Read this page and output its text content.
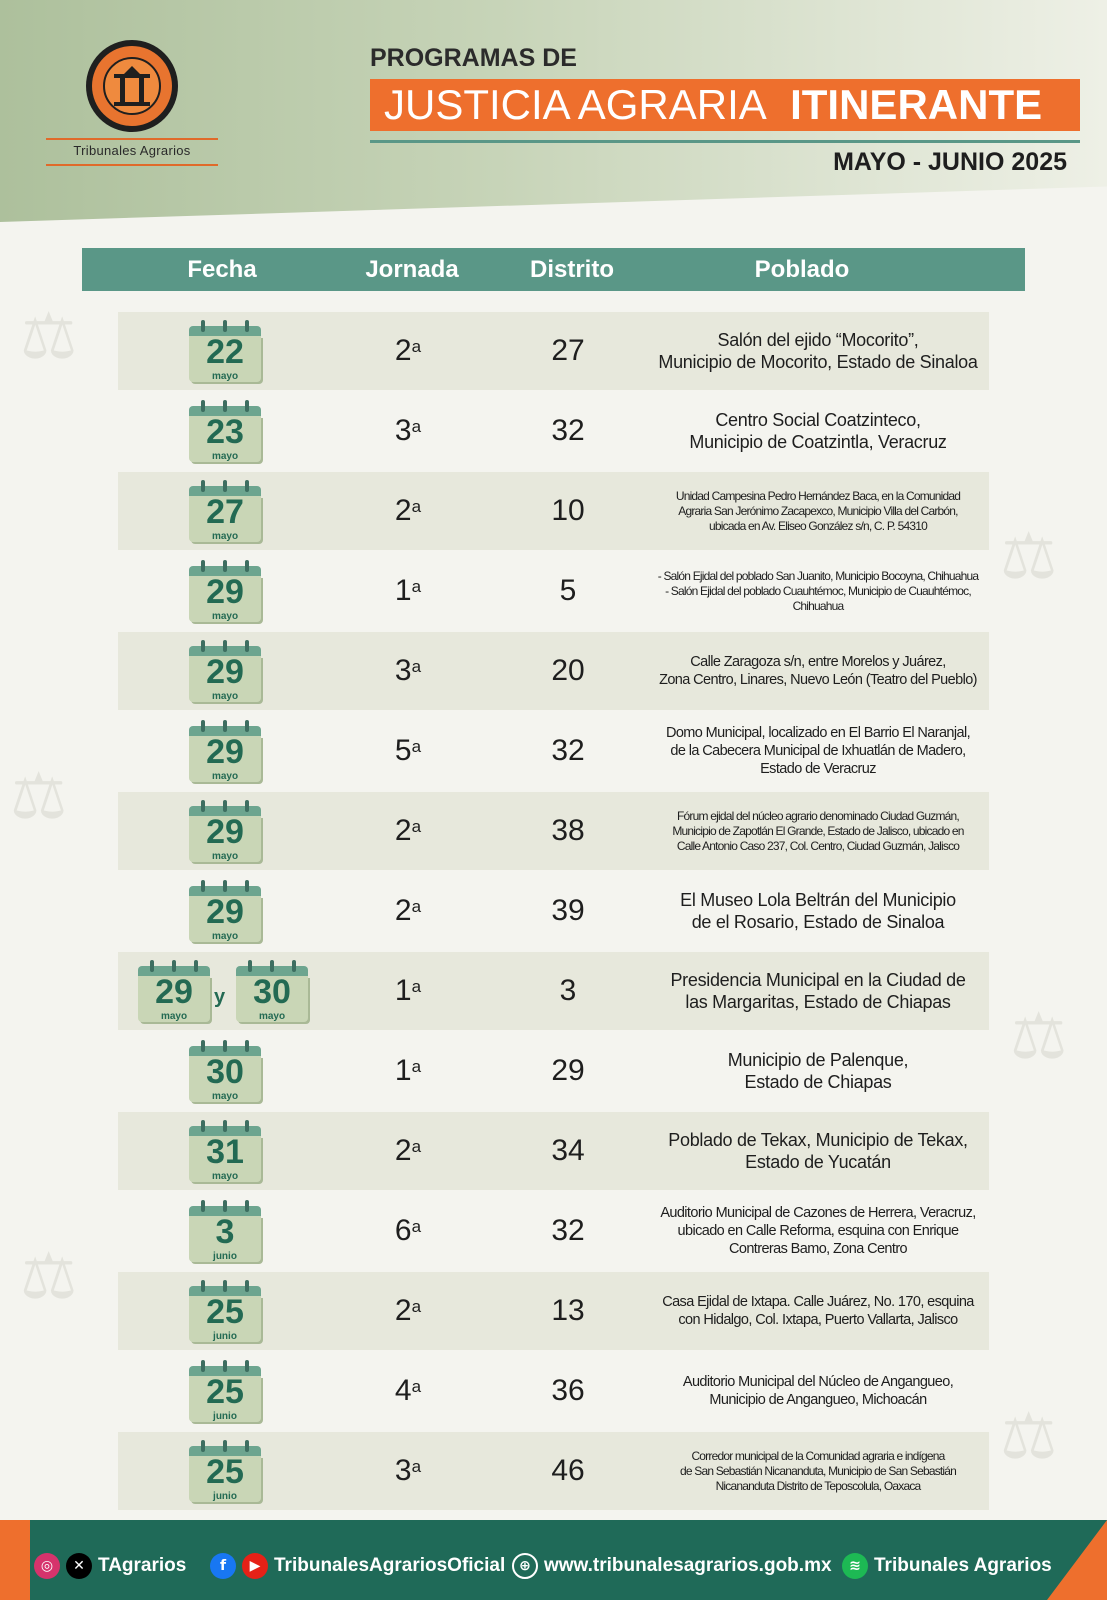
⚖
⚖
⚖
⚖
⚖
⚖
Tribunales Agrarios
PROGRAMAS DE
JUSTICIA AGRARIA ITINERANTE
MAYO - JUNIO 2025
Fecha	Jornada	Distrito	Poblado
22
mayo
2$^a$	27	Salón del ejido “Mocorito”,
Municipio de Mocorito, Estado de Sinaloa
23
mayo
3$^a$	32	Centro Social Coatzinteco,
Municipio de Coatzintla, Veracruz
27
mayo
2$^a$	10	Unidad Campesina Pedro Hernández Baca, en la Comunidad
Agraria San Jerónimo Zacapexco, Municipio Villa del Carbón,
ubicada en Av. Eliseo González s/n, C. P. 54310
29
mayo
1$^a$	5	- Salón Ejidal del poblado San Juanito, Municipio Bocoyna, Chihuahua
- Salón Ejidal del poblado Cuauhtémoc, Municipio de Cuauhtémoc, Chihuahua
29
mayo
3$^a$	20	Calle Zaragoza s/n, entre Morelos y Juárez,
Zona Centro, Linares, Nuevo León (Teatro del Pueblo)
29
mayo
5$^a$	32
Domo Municipal, localizado en El Barrio El Naranjal,
de la Cabecera Municipal de Ixhuatlán de Madero,
Estado de Veracruz
29
mayo
2$^a$	38	Fórum ejidal del núcleo agrario denominado Ciudad Guzmán,
Municipio de Zapotlán El Grande, Estado de Jalisco, ubicado en
Calle Antonio Caso 237, Col. Centro, Ciudad Guzmán, Jalisco
29
mayo
2$^a$	39	El Museo Lola Beltrán del Municipio
de el Rosario, Estado de Sinaloa
29
mayo
30
mayo
y	1$^a$	3	Presidencia Municipal en la Ciudad de
las Margaritas, Estado de Chiapas
30
mayo
1$^a$	29	Municipio de Palenque,
Estado de Chiapas
31
mayo
2$^a$	34	Poblado de Tekax, Municipio de Tekax,
Estado de Yucatán
3
junio
6$^a$	32
Auditorio Municipal de Cazones de Herrera, Veracruz,
ubicado en Calle Reforma, esquina con Enrique
Contreras Bamo, Zona Centro
25
junio
2$^a$	13	Casa Ejidal de Ixtapa. Calle Juárez, No. 170, esquina
con Hidalgo, Col. Ixtapa, Puerto Vallarta, Jalisco
25
junio
4$^a$	36	Auditorio Municipal del Núcleo de Angangueo,
Municipio de Angangueo, Michoacán
25
junio
3$^a$	46	Corredor municipal de la Comunidad agraria e indígena
de San Sebastián Nicananduta, Municipio de San Sebastián
Nicananduta Distrito de Teposcolula, Oaxaca
◎	✕ TAgrarios	f	▶ TribunalesAgrariosOficial ⊕ www.tribunalesagrarios.gob.mx	≋ Tribunales Agrarios
